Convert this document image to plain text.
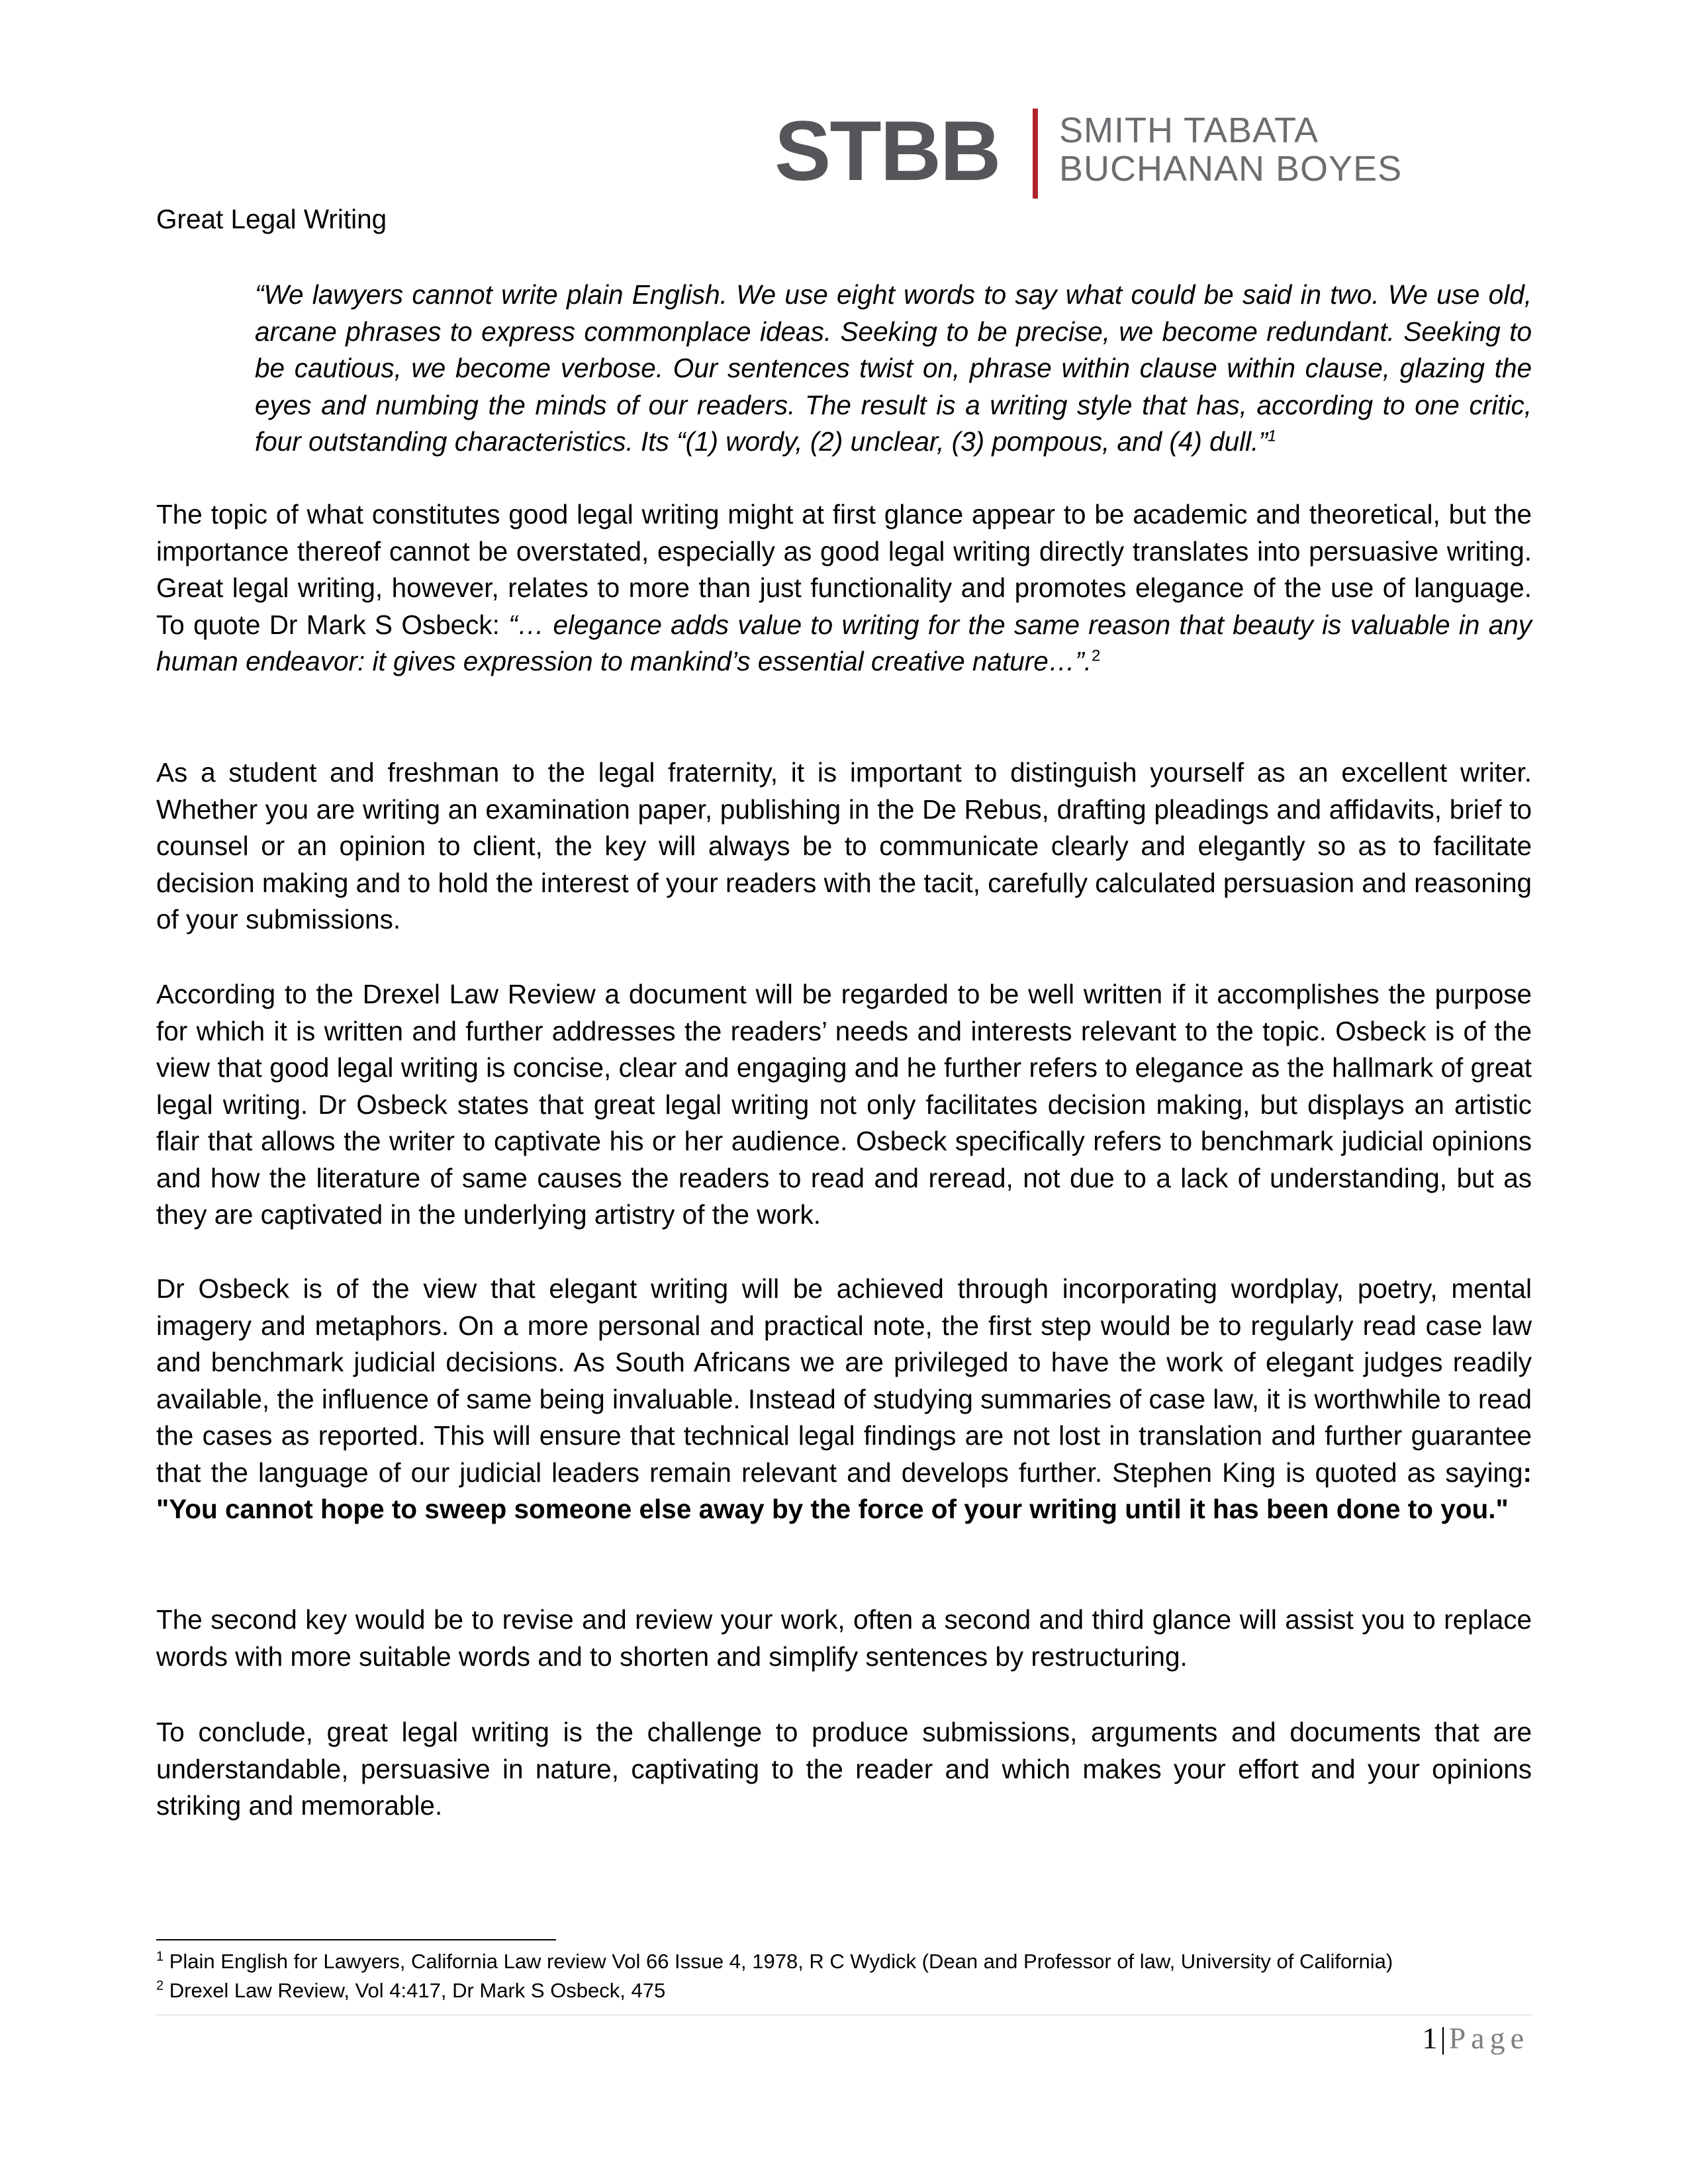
STBB SMITH TABATA
BUCHANAN BOYES
Great Legal Writing
“We lawyers cannot write plain English. We use eight words to say what could be said in two. We use old, arcane phrases to express commonplace ideas. Seeking to be precise, we become redundant. Seeking to be cautious, we become verbose. Our sentences twist on, phrase within clause within clause, glazing the eyes and numbing the minds of our readers. The result is a writing style that has, according to one critic, four outstanding characteristics. Its “(1) wordy, (2) unclear, (3) pompous, and (4) dull.”$^1$

The topic of what constitutes good legal writing might at first glance appear to be academic and theoretical, but the importance thereof cannot be overstated, especially as good legal writing directly translates into persuasive writing. Great legal writing, however, relates to more than just functionality and promotes elegance of the use of language. To quote Dr Mark S Osbeck: “… elegance adds value to writing for the same reason that beauty is valuable in any human endeavor: it gives expression to mankind’s essential creative nature…”.$^2$

As a student and freshman to the legal fraternity, it is important to distinguish yourself as an excellent writer. Whether you are writing an examination paper, publishing in the De Rebus, drafting pleadings and affidavits, brief to counsel or an opinion to client, the key will always be to communicate clearly and elegantly so as to facilitate decision making and to hold the interest of your readers with the tacit, carefully calculated persuasion and reasoning of your submissions.

According to the Drexel Law Review a document will be regarded to be well written if it accomplishes the purpose for which it is written and further addresses the readers’ needs and interests relevant to the topic. Osbeck is of the view that good legal writing is concise, clear and engaging and he further refers to elegance as the hallmark of great legal writing. Dr Osbeck states that great legal writing not only facilitates decision making, but displays an artistic flair that allows the writer to captivate his or her audience. Osbeck specifically refers to benchmark judicial opinions and how the literature of same causes the readers to read and reread, not due to a lack of understanding, but as they are captivated in the underlying artistry of the work.

Dr Osbeck is of the view that elegant writing will be achieved through incorporating wordplay, poetry, mental imagery and metaphors. On a more personal and practical note, the first step would be to regularly read case law and benchmark judicial decisions. As South Africans we are privileged to have the work of elegant judges readily available, the influence of same being invaluable. Instead of studying summaries of case law, it is worthwhile to read the cases as reported. This will ensure that technical legal findings are not lost in translation and further guarantee that the language of our judicial leaders remain relevant and develops further. Stephen King is quoted as saying: "You cannot hope to sweep someone else away by the force of your writing until it has been done to you."

The second key would be to revise and review your work, often a second and third glance will assist you to replace words with more suitable words and to shorten and simplify sentences by restructuring.

To conclude, great legal writing is the challenge to produce submissions, arguments and documents that are understandable, persuasive in nature, captivating to the reader and which makes your effort and your opinions striking and memorable.

$^1$ Plain English for Lawyers, California Law review Vol 66 Issue 4, 1978, R C Wydick (Dean and Professor of law, University of California)
$^2$ Drexel Law Review, Vol 4:417, Dr Mark S Osbeck, 475
1|Page
